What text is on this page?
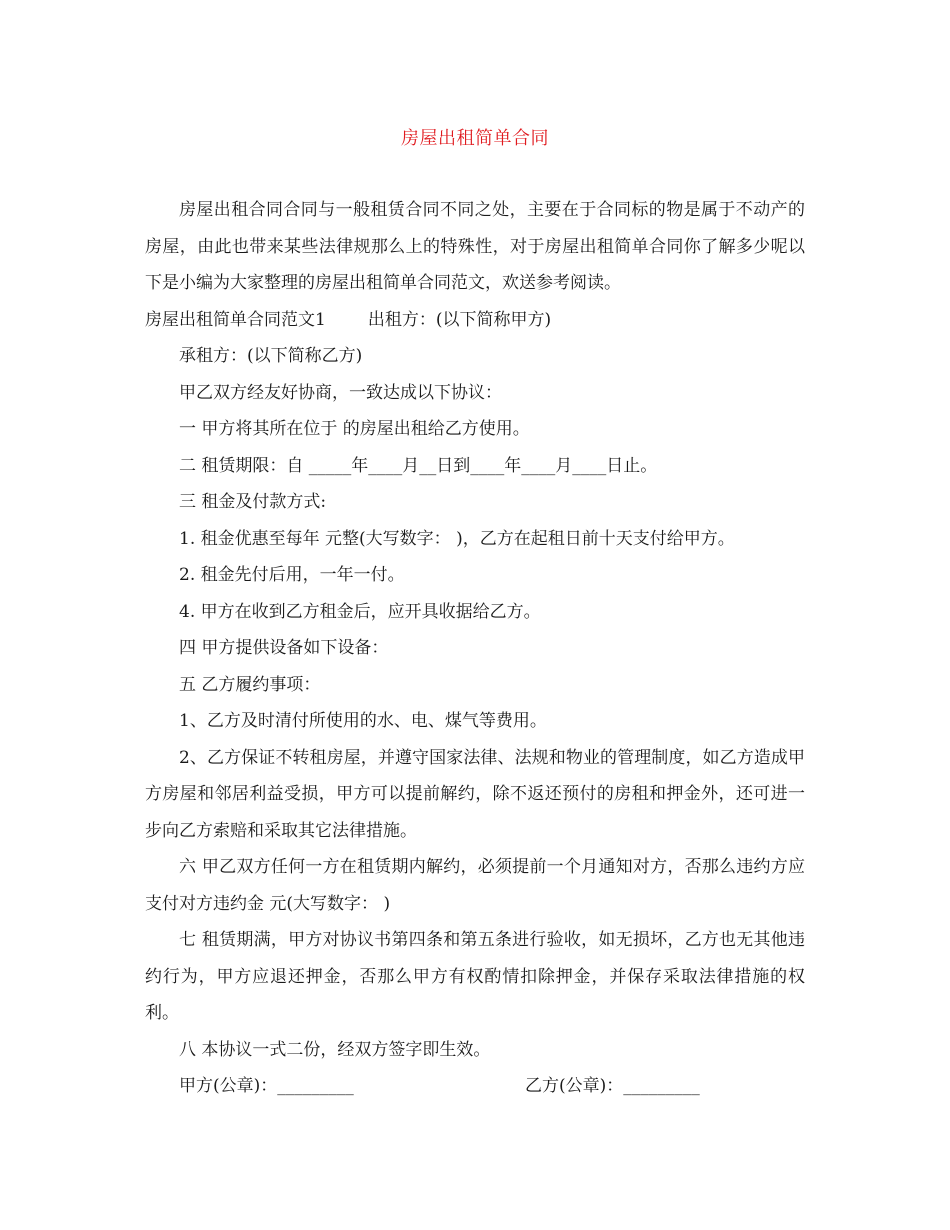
房屋出租简单合同

房屋出租合同合同与一般租赁合同不同之处，主要在于合同标的物是属于不动产的房屋，由此也带来某些法律规那么上的特殊性，对于房屋出租简单合同你了解多少呢以下是小编为大家整理的房屋出租简单合同范文，欢送参考阅读。

房屋出租简单合同范文1 出租方：(以下简称甲方)

承租方：(以下简称乙方)

甲乙双方经友好协商，一致达成以下协议：

一 甲方将其所在位于 的房屋出租给乙方使用。

二 租赁期限：自 _____年____月__日到____年____月____日止。

三 租金及付款方式:

1. 租金优惠至每年 元整(大写数字： )，乙方在起租日前十天支付给甲方。

2. 租金先付后用，一年一付。

4. 甲方在收到乙方租金后，应开具收据给乙方。

四 甲方提供设备如下设备：

五 乙方履约事项：

1、乙方及时清付所使用的水、电、煤气等费用。

2、乙方保证不转租房屋，并遵守国家法律、法规和物业的管理制度，如乙方造成甲方房屋和邻居利益受损，甲方可以提前解约，除不返还预付的房租和押金外，还可进一步向乙方索赔和采取其它法律措施。

六 甲乙双方任何一方在租赁期内解约，必须提前一个月通知对方，否那么违约方应支付对方违约金 元(大写数字： )

七 租赁期满，甲方对协议书第四条和第五条进行验收，如无损坏，乙方也无其他违约行为，甲方应退还押金，否那么甲方有权酌情扣除押金，并保存采取法律措施的权利。

八 本协议一式二份，经双方签字即生效。

甲方(公章)：_________	乙方(公章)：_________
